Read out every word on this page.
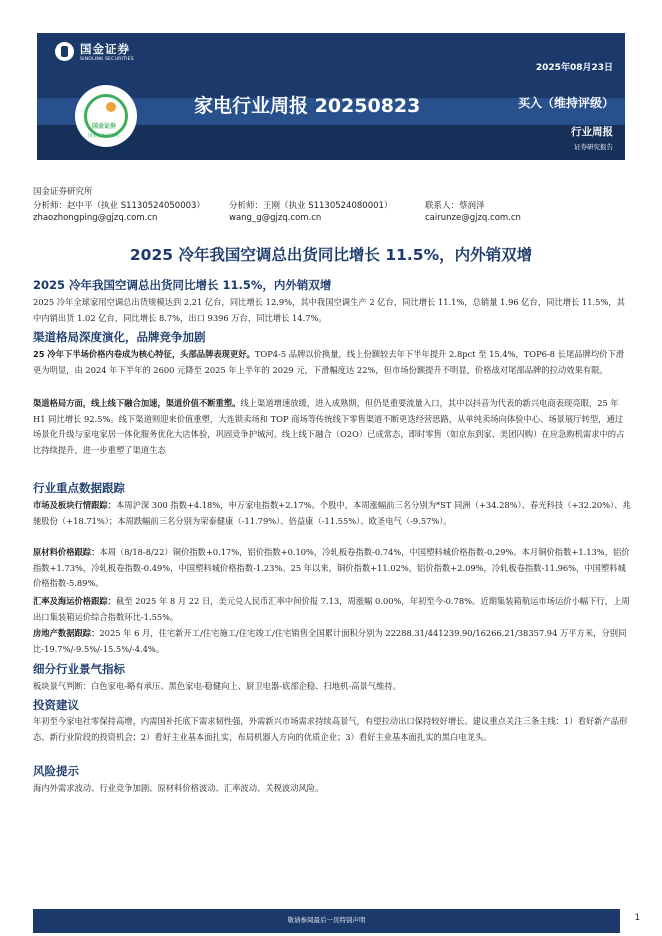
国金证券
SINOLINK SECURITIES
2025年08月23日
家电行业周报 20250823	买入（维持评级）
行业周报
证券研究报告
国金证券
国金证券研究所
国金证券研究所
分析师：赵中平（执业 S1130524050003）	分析师：王刚（执业 S1130524080001）	联系人：蔡润泽
zhaozhongping@gjzq.com.cn	wang_g@gjzq.com.cn	cairunze@gjzq.com.cn
2025 冷年我国空调总出货同比增长 11.5%，内外销双增
2025 冷年我国空调总出货同比增长 11.5%，内外销双增
2025 冷年全球家用空调总出货规模达到 2.21 亿台，同比增长 12.9%，其中我国空调生产 2 亿台，同比增长 11.1%，总销量 1.96 亿台，同比增长 11.5%，其中内销出货 1.02 亿台，同比增长 8.7%，出口 9396 万台，同比增长 14.7%。
渠道格局深度演化，品牌竞争加剧
25 冷年下半场价格内卷成为核心特征，头部品牌表现更好。TOP4-5 品牌以价换量，线上份额较去年下半年提升 2.8pct 至 15.4%，TOP6-8 长尾品牌均价下滑更为明显，由 2024 年下半年的 2600 元降至 2025 年上半年的 2029 元，下滑幅度达 22%，但市场份额提升不明显，价格战对尾部品牌的拉动效果有限。
渠道格局方面，线上线下融合加速，渠道价值不断重塑。线上渠道增速放缓，进入成熟期，但仍是重要流量入口，其中以抖音为代表的新兴电商表现亮眼，25 年 H1 同比增长 92.5%。线下渠道则迎来价值重塑，大连锁卖场和 TOP 商场等传统线下零售渠道不断更迭经营思路，从单纯卖场向体验中心、场景展厅转型，通过场景化升级与家电家居一体化服务优化大店体验，巩固竞争护城河。线上线下融合（O2O）已成常态，即时零售（如京东到家、美团闪购）在应急购机需求中的占比持续提升，进一步重塑了渠道生态
行业重点数据跟踪
市场及板块行情跟踪：本周沪深 300 指数+4.18%，申万家电指数+2.17%。个股中，本周涨幅前三名分别为*ST 同洲（+34.28%）、春光科技（+32.20%）、兆驰股份（+18.71%）；本周跌幅前三名分别为荣泰健康（-11.79%）、倍益康（-11.55%）、欧圣电气（-9.57%）。
原材料价格跟踪：本周（8/18-8/22）铜价指数+0.17%，铝价指数+0.10%，冷轧板卷指数-0.74%，中国塑料城价格指数-0.29%。本月铜价指数+1.13%，铝价指数+1.73%，冷轧板卷指数-0.49%，中国塑料城价格指数-1.23%。25 年以来，铜价指数+11.02%，铝价指数+2.09%，冷轧板卷指数-11.96%，中国塑料城价格指数-5.89%。
汇率及海运价格跟踪：截至 2025 年 8 月 22 日，美元兑人民币汇率中间价报 7.13，周涨幅 0.00%，年初至今-0.78%。近期集装箱航运市场运价小幅下行，上周出口集装箱运价综合指数环比-1.55%。
房地产数据跟踪：2025 年 6 月，住宅新开工/住宅施工/住宅竣工/住宅销售全国累计面积分别为 22288.31/441239.90/16266.21/38357.94 万平方米，分别同比-19.7%/-9.5%/-15.5%/-4.4%。
细分行业景气指标
板块景气判断：白色家电-略有承压、黑色家电-稳健向上、厨卫电器-底部企稳、扫地机-高景气维持。
投资建议
年初至今家电社零保持高增，内需国补托底下需求韧性强，外需新兴市场需求持续高景气，有望拉动出口保持较好增长。建议重点关注三条主线：1）看好新产品形态、新行业阶段的投资机会；2）看好主业基本面扎实，布局机器人方向的优质企业；3）看好主业基本面扎实的黑白电龙头。
风险提示
海内外需求波动、行业竞争加剧、原材料价格波动、汇率波动、关税波动风险。
敬请参阅最后一页特别声明	1
